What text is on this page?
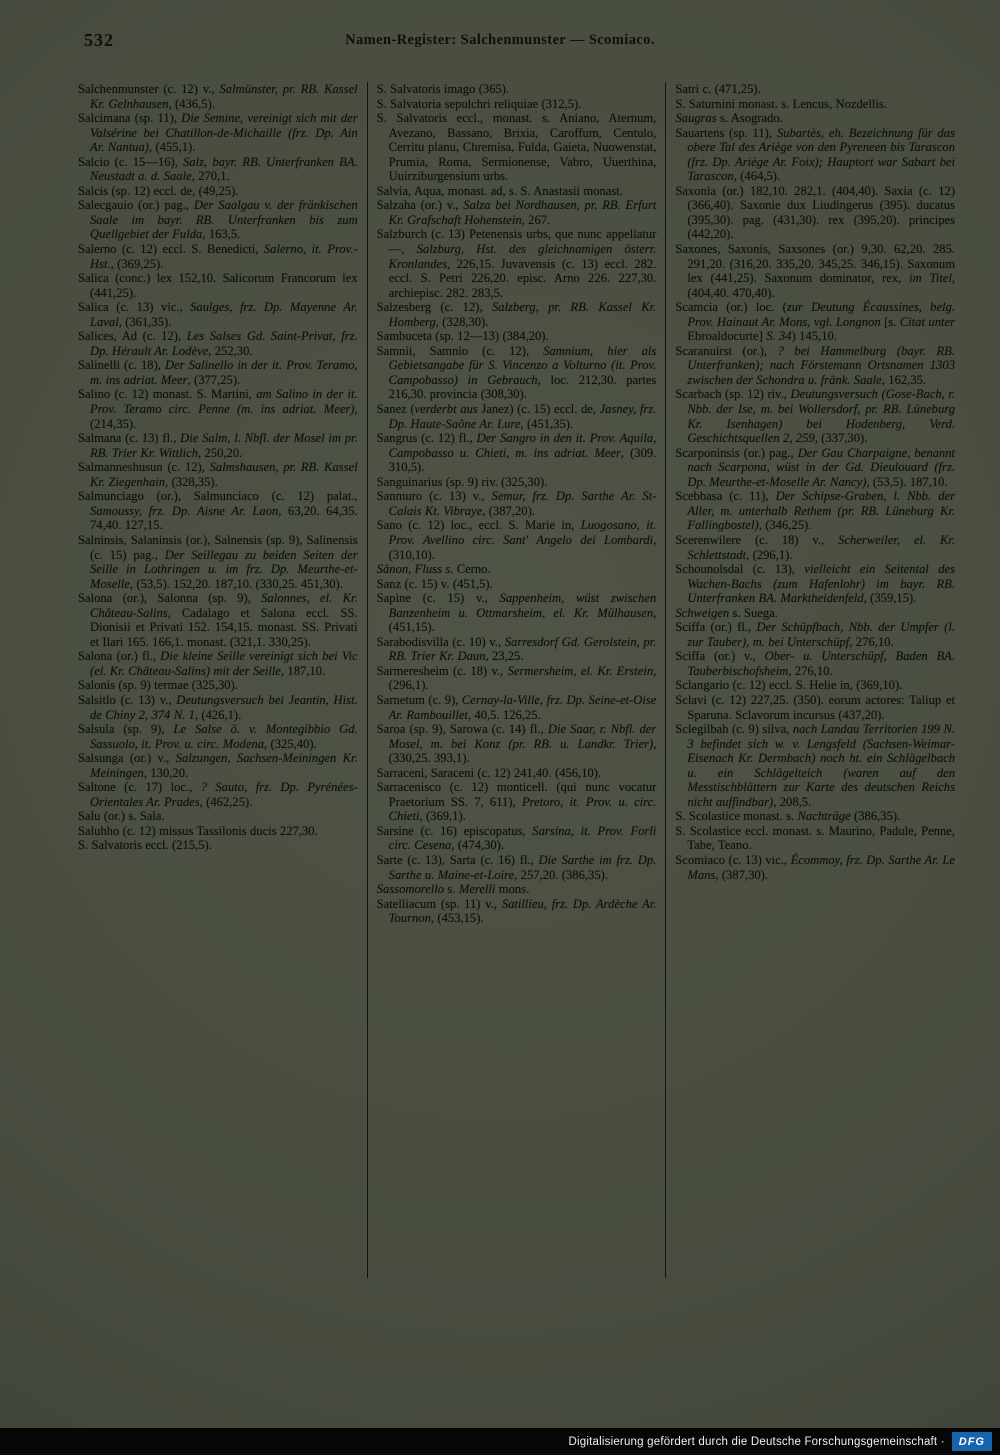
532	Namen-Register: Salchenmunster — Scomiaco.
Salchenmunster (c. 12) v., Salmünster, pr. RB. Kassel Kr. Gelnhausen, (436,5).
Salcimana (sp. 11), Die Semine, vereinigt sich mit der Valsérine bei Chatillon-de-Michaille (frz. Dp. Ain Ar. Nantua), (455,1).
Salcio (c. 15—16), Salz, bayr. RB. Unterfranken BA. Neustadt a. d. Saale, 270,1.
Salcis (sp. 12) eccl. de, (49,25).
Salecgauio (or.) pag., Der Saalgau v. der fränkischen Saale im bayr. RB. Unterfranken bis zum Quellgebiet der Fulda, 163,5.
Salerno (c. 12) eccl. S. Benedicti, Salerno, it. Prov.-Hst., (369,25).
Salica (conc.) lex 152,10. Salicorum Francorum lex (441,25).
Salica (c. 13) vic., Saulges, frz. Dp. Mayenne Ar. Laval, (361,35).
Salices, Ad (c. 12), Les Salses Gd. Saint-Privat, frz. Dp. Hérault Ar. Lodève, 252,30.
Salinelli (c. 18), Der Salinello in der it. Prov. Teramo, m. ins adriat. Meer, (377,25).
Salino (c. 12) monast. S. Martini, am Salino in der it. Prov. Teramo circ. Penne (m. ins adriat. Meer), (214,35).
Salmana (c. 13) fl., Die Salm, l. Nbfl. der Mosel im pr. RB. Trier Kr. Wittlich, 250,20.
Salmanneshusun (c. 12), Salmshausen, pr. RB. Kassel Kr. Ziegenhain, (328,35).
Salmunciago (or.), Salmunciaco (c. 12) palat., Samoussy, frz. Dp. Aisne Ar. Laon, 63,20. 64,35. 74,40. 127,15.
Salninsis, Salaninsis (or.), Salnensis (sp. 9), Salinensis (c. 15) pag., Der Seillegau zu beiden Seiten der Seille in Lothringen u. im frz. Dp. Meurthe-et-Moselle, (53,5). 152,20. 187,10. (330,25. 451,30).
Salona (or.), Salonna (sp. 9), Salonnes, el. Kr. Château-Salins, Cadalago et Salona eccl. SS. Dionisii et Privati 152. 154,15. monast. SS. Privati et Ilari 165. 166,1. monast. (321,1. 330,25).
Salona (or.) fl., Die kleine Seille vereinigt sich bei Vic (el. Kr. Château-Salins) mit der Seille, 187,10.
Salonis (sp. 9) termae (325,30).
Salsitlo (c. 13) v., Deutungsversuch bei Jeantin, Hist. de Chiny 2, 374 N. 1, (426,1).
Salsula (sp. 9), Le Salse ö. v. Montegibbio Gd. Sassuolo, it. Prov. u. circ. Modena, (325,40).
Salsunga (or.) v., Salzungen, Sachsen-Meiningen Kr. Meiningen, 130,20.
Saltone (c. 17) loc., ? Sauto, frz. Dp. Pyrénées-Orientales Ar. Prades, (462,25).
Salu (or.) s. Sala.
Saluhho (c. 12) missus Tassilonis ducis 227,30.
S. Salvatoris eccl. (215,5).
S. Salvatoris imago (365).
S. Salvatoria sepulchri reliquiae (312,5).
S. Salvatoris eccl., monast. s. Aniano, Aternum, Avezano, Bassano, Brixia, Caroffum, Centulo, Cerritu planu, Chremisa, Fulda, Gaieta, Nuowenstat, Prumia, Roma, Sermionense, Vabro, Uuerthina, Uuirziburgensium urbs.
Salvia, Aqua, monast. ad, s. S. Anastasii monast.
Salzaha (or.) v., Salza bei Nordhausen, pr. RB. Erfurt Kr. Grafschaft Hohenstein, 267.
Salzburch (c. 13) Petenensis urbs, que nunc appellatur —, Salzburg, Hst. des gleichnamigen österr. Kronlandes, 226,15. Juvavensis (c. 13) eccl. 282. eccl. S. Petri 226,20. episc. Arno 226. 227,30. archiepisc. 282. 283,5.
Salzesberg (c. 12), Salzberg, pr. RB. Kassel Kr. Homberg, (328,30).
Sambuceta (sp. 12—13) (384,20).
Samnii, Samnio (c. 12), Samnium, hier als Gebietsangabe für S. Vincenzo a Volturno (it. Prov. Campobasso) in Gebrauch, loc. 212,30. partes 216,30. provincia (308,30).
Sanez (verderbt aus Janez) (c. 15) eccl. de, Jasney, frz. Dp. Haute-Saône Ar. Lure, (451,35).
Sangrus (c. 12) fl., Der Sangro in den it. Prov. Aquila, Campobasso u. Chieti, m. ins adriat. Meer, (309. 310,5).
Sanguinarius (sp. 9) riv. (325,30).
Sanmuro (c. 13) v., Semur, frz. Dp. Sarthe Ar. St-Calais Kt. Vibraye, (387,20).
Sano (c. 12) loc., eccl. S. Marie in, Luogosano, it. Prov. Avellino circ. Sant' Angelo dei Lombardi, (310,10).
Sânon, Fluss s. Cerno.
Sanz (c. 15) v. (451,5).
Sapine (c. 15) v., Sappenheim, wüst zwischen Banzenheim u. Ottmarsheim, el. Kr. Mülhausen, (451,15).
Sarabodisvilla (c. 10) v., Sarresdorf Gd. Gerolstein, pr. RB. Trier Kr. Daun, 23,25.
Sarmeresheim (c. 18) v., Sermersheim, el. Kr. Erstein, (296,1).
Sarnetum (c. 9), Cernay-la-Ville, frz. Dp. Seine-et-Oise Ar. Rambouillet, 40,5. 126,25.
Saroa (sp. 9), Sarowa (c. 14) fl., Die Saar, r. Nbfl. der Mosel, m. bei Konz (pr. RB. u. Landkr. Trier), (330,25. 393,1).
Sarraceni, Saraceni (c. 12) 241,40. (456,10).
Sarracenisco (c. 12) monticell. (qui nunc vocatur Praetorium SS. 7, 611), Pretoro, it. Prov. u. circ. Chieti, (369,1).
Sarsine (c. 16) episcopatus, Sarsina, it. Prov. Forlì circ. Cesena, (474,30).
Sarte (c. 13), Sarta (c. 16) fl., Die Sarthe im frz. Dp. Sarthe u. Maine-et-Loire, 257,20. (386,35).
Sassomorello s. Merelli mons.
Satelliacum (sp. 11) v., Satillieu, frz. Dp. Ardèche Ar. Tournon, (453,15).
Satri c. (471,25).
S. Saturnini monast. s. Lencus, Nozdellis.
Saugras s. Asogrado.
Sauartens (sp. 11), Subartès, eh. Bezeichnung für das obere Tal des Ariège von den Pyreneen bis Tarascon (frz. Dp. Ariège Ar. Foix); Hauptort war Sabart bei Tarascon, (464,5).
Saxonia (or.) 182,10. 282,1. (404,40). Saxia (c. 12) (366,40). Saxonie dux Liudingerus (395). ducatus (395,30). pag. (431,30). rex (395,20). principes (442,20).
Saxones, Saxonis, Saxsones (or.) 9,30. 62,20. 285. 291,20. (316,20. 335,20. 345,25. 346,15). Saxonum lex (441,25). Saxonum dominator, rex, im Titel, (404,40. 470,40).
Scamcia (or.) loc. (zur Deutung Écaussines, belg. Prov. Hainaut Ar. Mons, vgl. Longnon [s. Citat unter Ebroaldocurte] S. 34) 145,10.
Scaranuirst (or.), ? bei Hammelburg (bayr. RB. Unterfranken); nach Förstemann Ortsnamen 1303 zwischen der Schondra u. fränk. Saale, 162,35.
Scarbach (sp. 12) riv., Deutungsversuch (Gose-Bach, r. Nbb. der Ise, m. bei Wollersdorf, pr. RB. Lüneburg Kr. Isenhagen) bei Hodenberg, Verd. Geschichtsquellen 2, 259, (337,30).
Scarponinsis (or.) pag., Der Gau Charpaigne, benannt nach Scarpona, wüst in der Gd. Dieulouard (frz. Dp. Meurthe-et-Moselle Ar. Nancy), (53,5). 187,10.
Scebbasa (c. 11), Der Schipse-Graben, l. Nbb. der Aller, m. unterhalb Rethem (pr. RB. Lüneburg Kr. Fallingbostel), (346,25).
Scerenwilere (c. 18) v., Scherweiler, el. Kr. Schlettstadt, (296,1).
Schounolsdal (c. 13), vielleicht ein Seitental des Wachen-Bachs (zum Hafenlohr) im bayr. RB. Unterfranken BA. Marktheidenfeld, (359,15).
Schweigen s. Suega.
Sciffa (or.) fl., Der Schüpfbach, Nbb. der Umpfer (l. zur Tauber), m. bei Unterschüpf, 276,10.
Sciffa (or.) v., Ober- u. Unterschüpf, Baden BA. Tauberbischofsheim, 276,10.
Sclangario (c. 12) eccl. S. Helie in, (369,10).
Sclavi (c. 12) 227,25. (350). eorum actores: Taliup et Sparuna. Sclavorum incursus (437,20).
Sclegilbah (c. 9) silva, nach Landau Territorien 199 N. 3 befindet sich w. v. Lengsfeld (Sachsen-Weimar-Eisenach Kr. Dermbach) noch ht. ein Schlägelbach u. ein Schlägelteich (waren auf den Messtischblättern zur Karte des deutschen Reichs nicht auffindbar), 208,5.
S. Scolastice monast. s. Nachträge (386,35).
S. Scolastice eccl. monast. s. Maurino, Padule, Penne, Tabe, Teano.
Scomiaco (c. 13) vic., Écommoy, frz. Dp. Sarthe Ar. Le Mans, (387,30).
Digitalisierung gefördert durch die Deutsche Forschungsgemeinschaft ·	DFG
